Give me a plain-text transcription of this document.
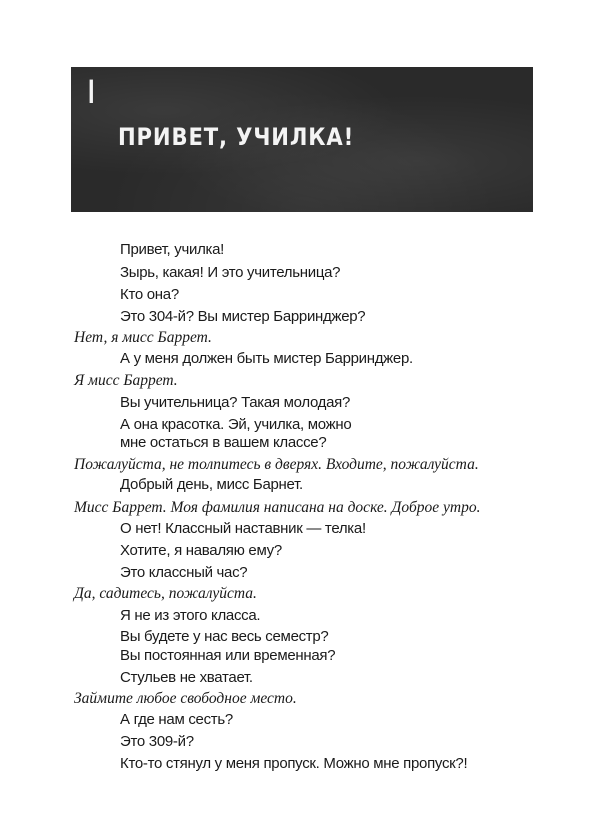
I
ПРИВЕТ, УЧИЛКА!
Привет, училка!
Зырь, какая! И это учительница?
Кто она?
Это 304-й? Вы мистер Барринджер?
Нет, я мисс Баррет.
А у меня должен быть мистер Барринджер.
Я мисс Баррет.
Вы учительница? Такая молодая?
А она красотка. Эй, училка, можно
мне остаться в вашем классе?
Пожалуйста, не толпитесь в дверях. Входите, пожалуйста.
Добрый день, мисс Барнет.
Мисс Баррет. Моя фамилия написана на доске. Доброе утро.
О нет! Классный наставник — телка!
Хотите, я наваляю ему?
Это классный час?
Да, садитесь, пожалуйста.
Я не из этого класса.
Вы будете у нас весь семестр?
Вы постоянная или временная?
Стульев не хватает.
Займите любое свободное место.
А где нам сесть?
Это 309-й?
Кто-то стянул у меня пропуск. Можно мне пропуск?!
